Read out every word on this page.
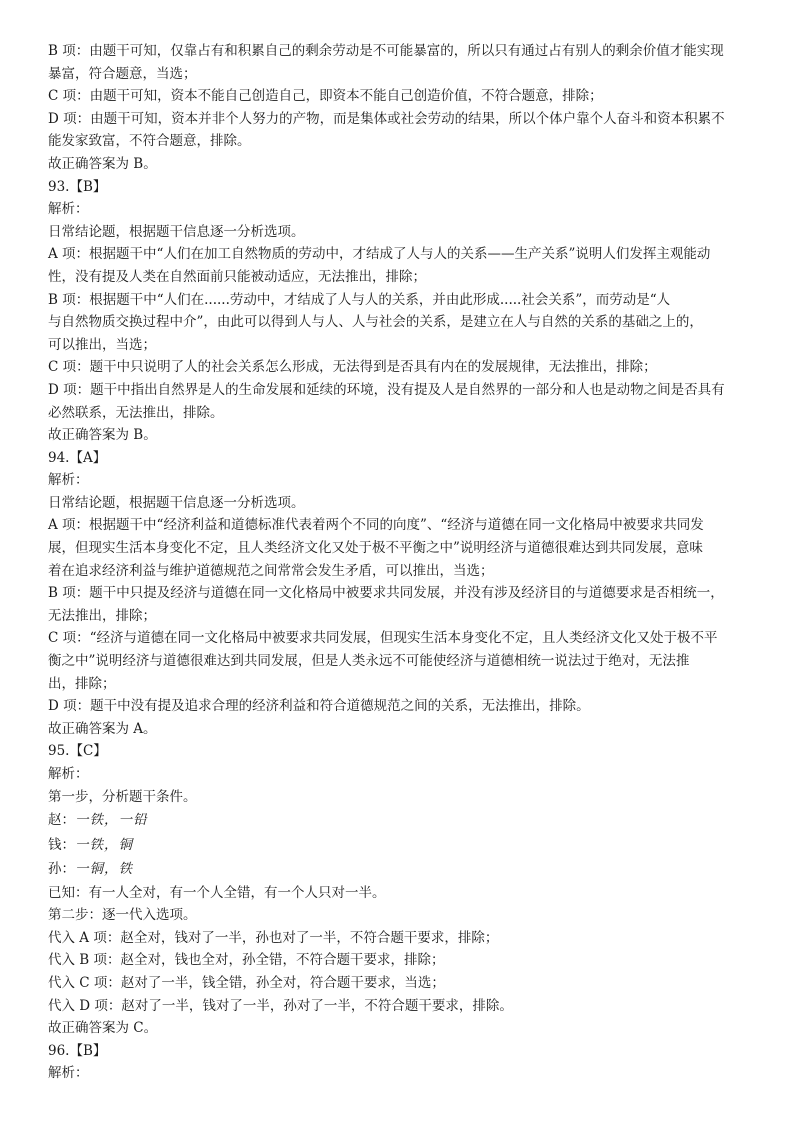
B 项：由题干可知，仅靠占有和积累自己的剩余劳动是不可能暴富的，所以只有通过占有别人的剩余价值才能实现
暴富，符合题意，当选；
C 项：由题干可知，资本不能自己创造自己，即资本不能自己创造价值，不符合题意，排除；
D 项：由题干可知，资本并非个人努力的产物，而是集体或社会劳动的结果，所以个体户靠个人奋斗和资本积累不
能发家致富，不符合题意，排除。
故正确答案为 B。
93.【B】
解析：
日常结论题，根据题干信息逐一分析选项。
A 项：根据题干中“人们在加工自然物质的劳动中，才结成了人与人的关系——生产关系”说明人们发挥主观能动
性，没有提及人类在自然面前只能被动适应，无法推出，排除；
B 项：根据题干中“人们在......劳动中，才结成了人与人的关系，并由此形成.....社会关系”，而劳动是“人
与自然物质交换过程中介”，由此可以得到人与人、人与社会的关系，是建立在人与自然的关系的基础之上的，
可以推出，当选；
C 项：题干中只说明了人的社会关系怎么形成，无法得到是否具有内在的发展规律，无法推出，排除；
D 项：题干中指出自然界是人的生命发展和延续的环境，没有提及人是自然界的一部分和人也是动物之间是否具有
必然联系，无法推出，排除。
故正确答案为 B。
94.【A】
解析：
日常结论题，根据题干信息逐一分析选项。
A 项：根据题干中“经济利益和道德标准代表着两个不同的向度”、“经济与道德在同一文化格局中被要求共同发
展，但现实生活本身变化不定，且人类经济文化又处于极不平衡之中”说明经济与道德很难达到共同发展，意味
着在追求经济利益与维护道德规范之间常常会发生矛盾，可以推出，当选；
B 项：题干中只提及经济与道德在同一文化格局中被要求共同发展，并没有涉及经济目的与道德要求是否相统一，
无法推出，排除；
C 项：“经济与道德在同一文化格局中被要求共同发展，但现实生活本身变化不定，且人类经济文化又处于极不平
衡之中”说明经济与道德很难达到共同发展，但是人类永远不可能使经济与道德相统一说法过于绝对，无法推
出，排除；
D 项：题干中没有提及追求合理的经济利益和符合道德规范之间的关系，无法推出，排除。
故正确答案为 A。
95.【C】
解析：
第一步，分析题干条件。
赵：一铁，一铅
钱：一铁，铜
孙：一铜，铁
已知：有一人全对，有一个人全错，有一个人只对一半。
第二步：逐一代入选项。
代入 A 项：赵全对，钱对了一半，孙也对了一半，不符合题干要求，排除；
代入 B 项：赵全对，钱也全对，孙全错，不符合题干要求，排除；
代入 C 项：赵对了一半，钱全错，孙全对，符合题干要求，当选；
代入 D 项：赵对了一半，钱对了一半，孙对了一半，不符合题干要求，排除。
故正确答案为 C。
96.【B】
解析：
